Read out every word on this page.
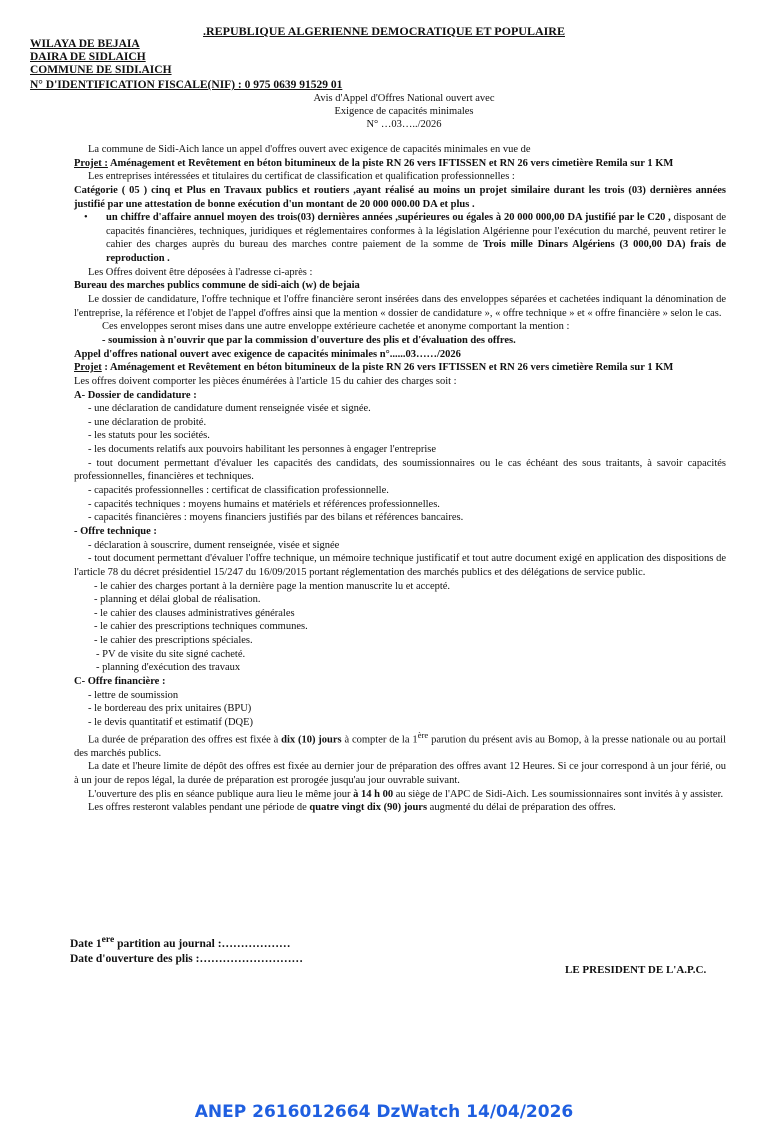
.REPUBLIQUE ALGERIENNE DEMOCRATIQUE ET POPULAIRE
WILAYA DE BEJAIA
DAIRA DE SIDLAICH
COMMUNE DE SIDI.AICH
N° D'IDENTIFICATION FISCALE(NIF) : 0 975 0639 91529 01
Avis d'Appel d'Offres National ouvert avec
Exigence de capacités minimales
N° …03…../2026

La commune de Sidi-Aich lance un appel d'offres ouvert avec exigence de capacités minimales en vue de

Projet : Aménagement et Revêtement en béton bitumineux de la piste RN 26 vers IFTISSEN et RN 26 vers cimetière Remila sur 1 KM

Les entreprises intéressées et titulaires du certificat de classification et qualification professionnelles :

Catégorie ( 05 ) cinq et Plus en Travaux publics et routiers ,ayant réalisé au moins un projet similaire durant les trois (03) dernières années justifié par une attestation de bonne exécution d'un montant de 20 000 000.00 DA et plus .

• un chiffre d'affaire annuel moyen des trois(03) dernières années ,supérieures ou égales à 20 000 000,00 DA justifié par le C20 , disposant de capacités financières, techniques, juridiques et réglementaires conformes à la législation Algérienne pour l'exécution du marché, peuvent retirer le cahier des charges auprès du bureau des marches contre paiement de la somme de Trois mille Dinars Algériens (3 000,00 DA) frais de reproduction .

Les Offres doivent être déposées à l'adresse ci-après :

Bureau des marches publics commune de sidi-aich (w) de bejaia

Le dossier de candidature, l'offre technique et l'offre financière seront insérées dans des enveloppes séparées et cachetées indiquant la dénomination de l'entreprise, la référence et l'objet de l'appel d'offres ainsi que la mention « dossier de candidature », « offre technique » et « offre financière » selon le cas.

Ces enveloppes seront mises dans une autre enveloppe extérieure cachetée et anonyme comportant la mention :

- soumission à n'ouvrir que par la commission d'ouverture des plis et d'évaluation des offres.

Appel d'offres national ouvert avec exigence de capacités minimales n°......03……/2026

Projet : Aménagement et Revêtement en béton bitumineux de la piste RN 26 vers IFTISSEN et RN 26 vers cimetière Remila sur 1 KM

Les offres doivent comporter les pièces énumérées à l'article 15 du cahier des charges soit :

A- Dossier de candidature :

- une déclaration de candidature dument renseignée visée et signée.

- une déclaration de probité.

- les statuts pour les sociétés.

- les documents relatifs aux pouvoirs habilitant les personnes à engager l'entreprise

- tout document permettant d'évaluer les capacités des candidats, des soumissionnaires ou le cas échéant des sous traitants, à savoir capacités professionnelles, financières et techniques.

- capacités professionnelles : certificat de classification professionnelle.

- capacités techniques : moyens humains et matériels et références professionnelles.

- capacités financières : moyens financiers justifiés par des bilans et références bancaires.

- Offre technique :

- déclaration à souscrire, dument renseignée, visée et signée

- tout document permettant d'évaluer l'offre technique, un mémoire technique justificatif et tout autre document exigé en application des dispositions de l'article 78 du décret présidentiel 15/247 du 16/09/2015 portant réglementation des marchés publics et des délégations de service public.

- le cahier des charges portant à la dernière page la mention manuscrite lu et accepté.

- planning et délai global de réalisation.

- le cahier des clauses administratives générales

- le cahier des prescriptions techniques communes.

- le cahier des prescriptions spéciales.

- PV de visite du site signé cacheté.

- planning d'exécution des travaux

C- Offre financière :

- lettre de soumission

- le bordereau des prix unitaires (BPU)

- le devis quantitatif et estimatif (DQE)

La durée de préparation des offres est fixée à dix (10) jours à compter de la 1ère parution du présent avis au Bomop, à la presse nationale ou au portail des marchés publics.

La date et l'heure limite de dépôt des offres est fixée au dernier jour de préparation des offres avant 12 Heures. Si ce jour correspond à un jour férié, ou à un jour de repos légal, la durée de préparation est prorogée jusqu'au jour ouvrable suivant.

L'ouverture des plis en séance publique aura lieu le même jour à 14 h 00 au siège de l'APC de Sidi-Aich. Les soumissionnaires sont invités à y assister.

Les offres resteront valables pendant une période de quatre vingt dix (90) jours augmenté du délai de préparation des offres.

Date 1ere partition au journal :………………
Date d'ouverture des plis :………………………
LE PRESIDENT DE L'A.P.C.
ANEP 2616012664 DzWatch 14/04/2026
